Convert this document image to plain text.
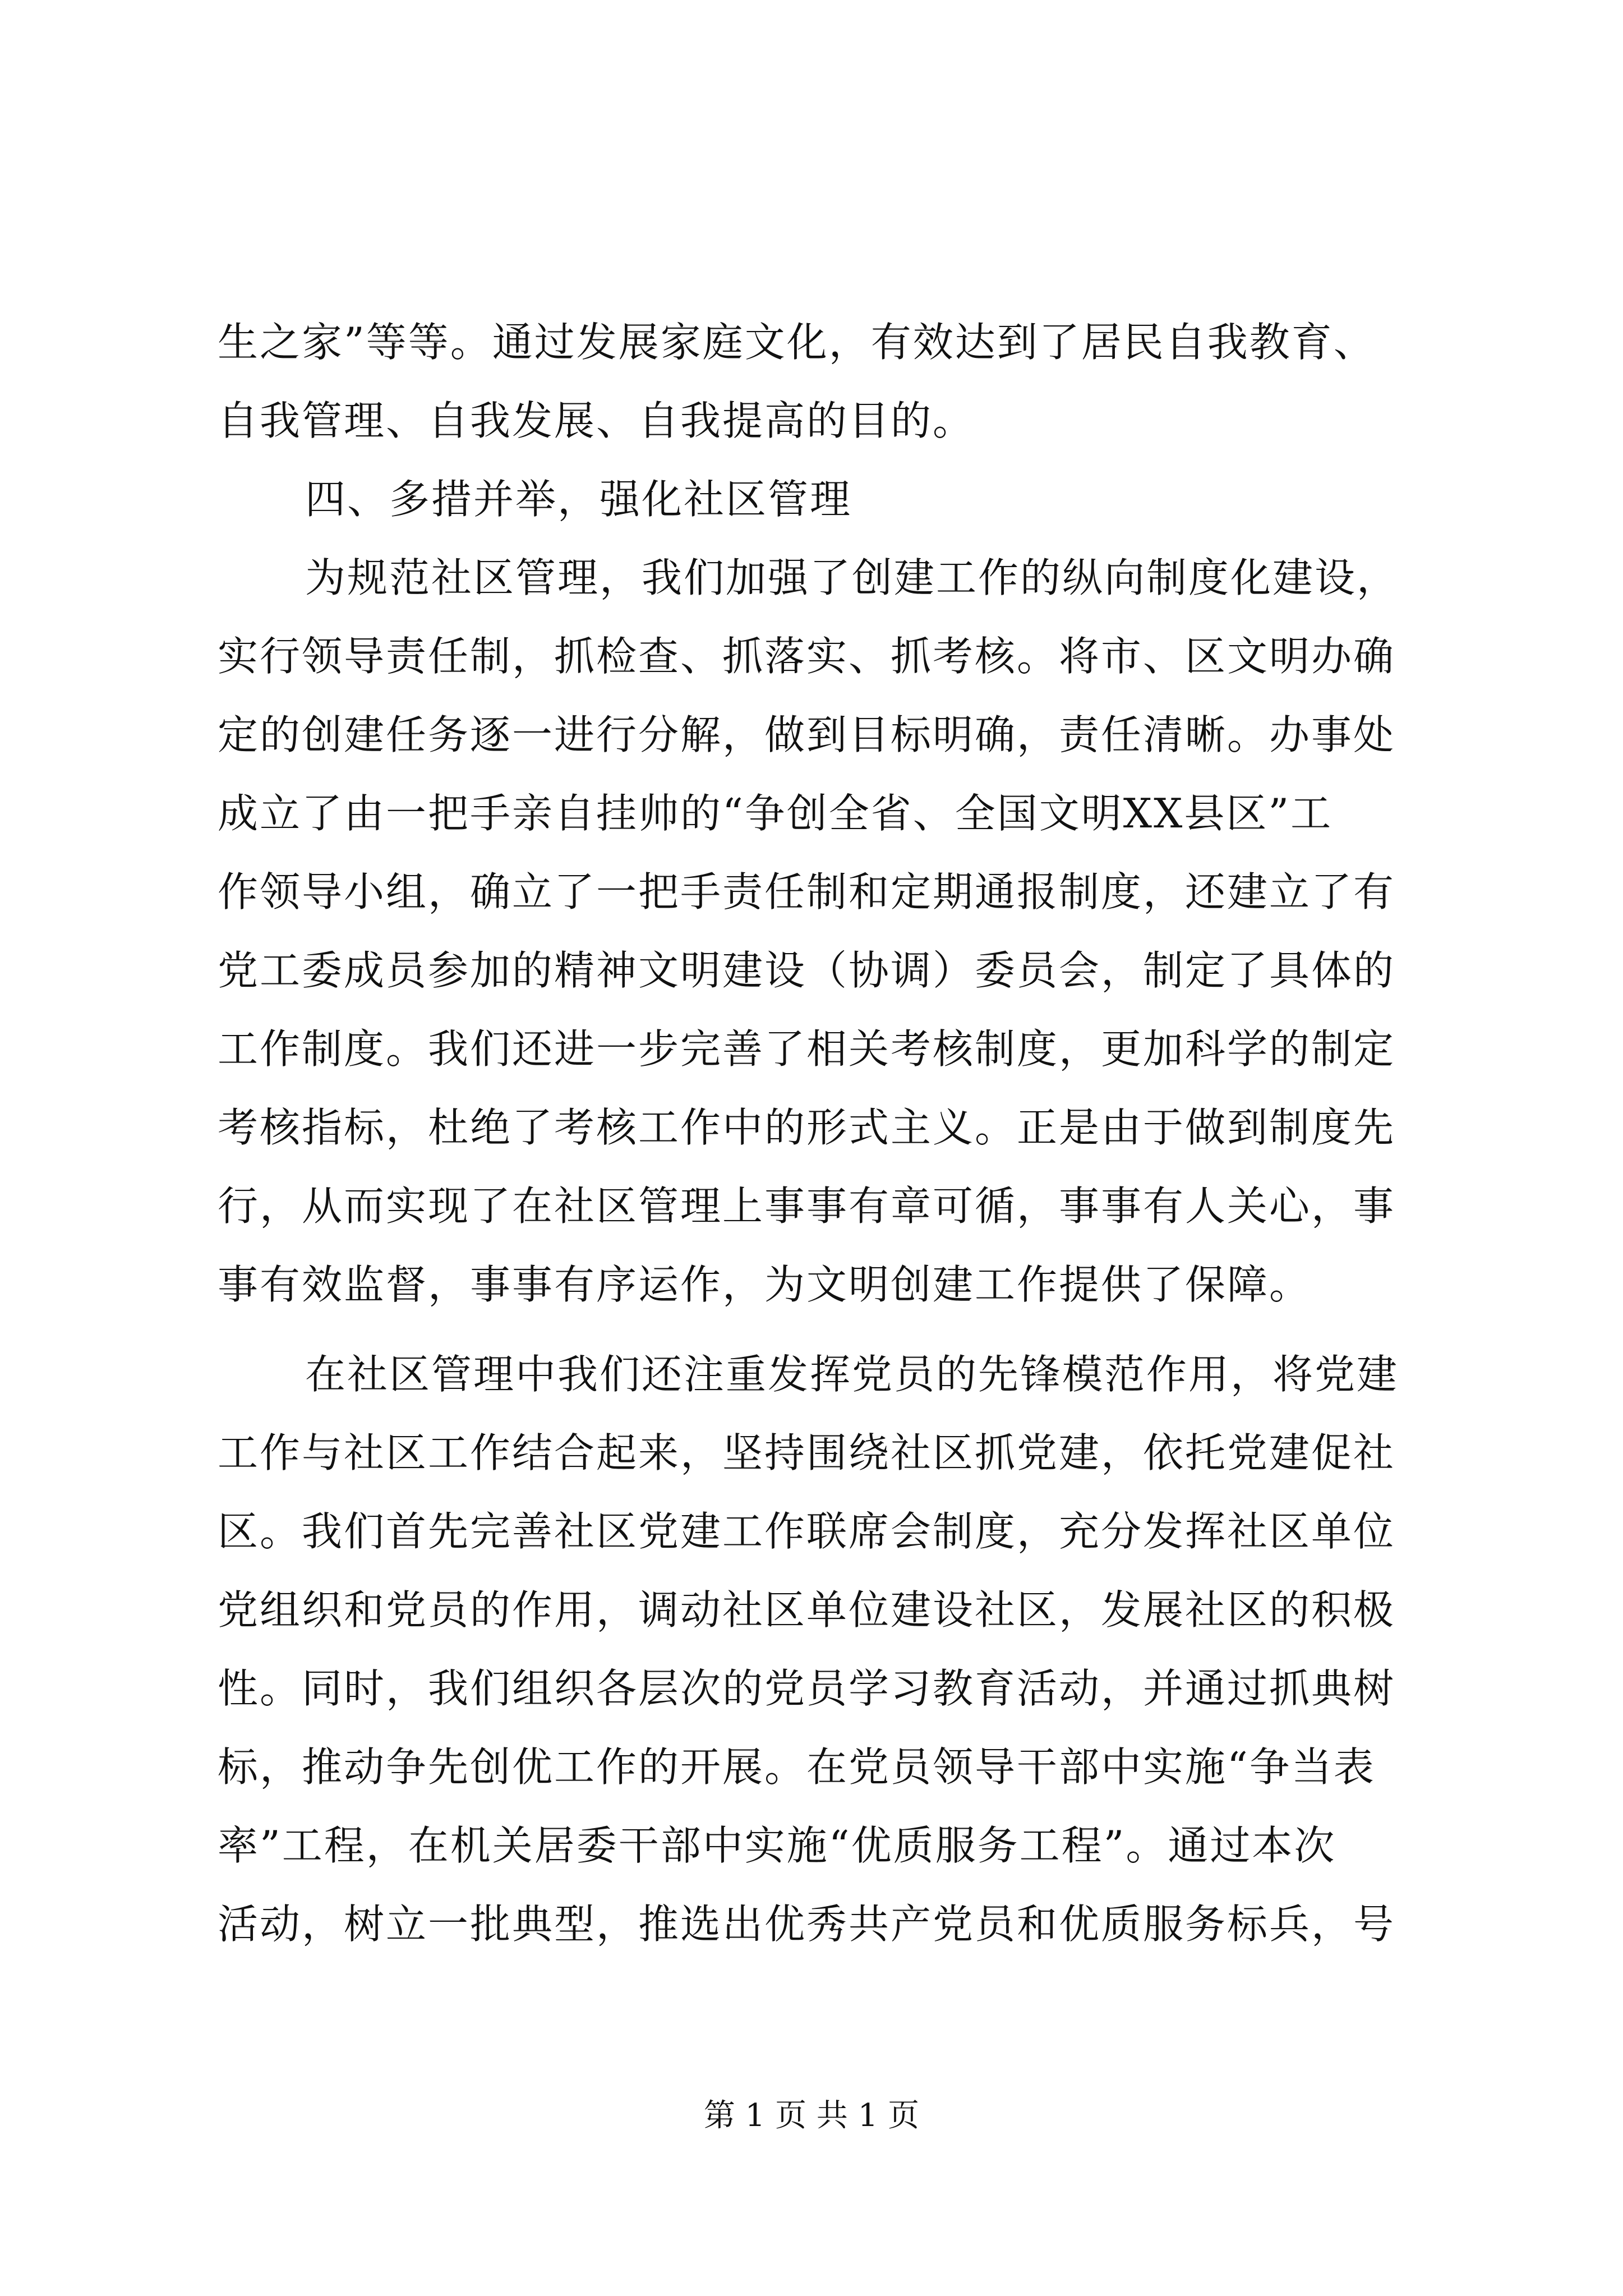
生之家”等等。通过发展家庭文化，有效达到了居民自我教育、
自我管理、自我发展、自我提高的目的。
四、多措并举，强化社区管理
为规范社区管理，我们加强了创建工作的纵向制度化建设，
实行领导责任制，抓检查、抓落实、抓考核。将市、区文明办确
定的创建任务逐一进行分解，做到目标明确，责任清晰。办事处
成立了由一把手亲自挂帅的“争创全省、全国文明XX县区”工
作领导小组，确立了一把手责任制和定期通报制度，还建立了有
党工委成员参加的精神文明建设（协调）委员会，制定了具体的
工作制度。我们还进一步完善了相关考核制度，更加科学的制定
考核指标，杜绝了考核工作中的形式主义。正是由于做到制度先
行，从而实现了在社区管理上事事有章可循，事事有人关心，事
事有效监督，事事有序运作，为文明创建工作提供了保障。
在社区管理中我们还注重发挥党员的先锋模范作用，将党建
工作与社区工作结合起来，坚持围绕社区抓党建，依托党建促社
区。我们首先完善社区党建工作联席会制度，充分发挥社区单位
党组织和党员的作用，调动社区单位建设社区，发展社区的积极
性。同时，我们组织各层次的党员学习教育活动，并通过抓典树
标，推动争先创优工作的开展。在党员领导干部中实施“争当表
率”工程，在机关居委干部中实施“优质服务工程”。通过本次
活动，树立一批典型，推选出优秀共产党员和优质服务标兵，号
第 1 页 共 1 页
